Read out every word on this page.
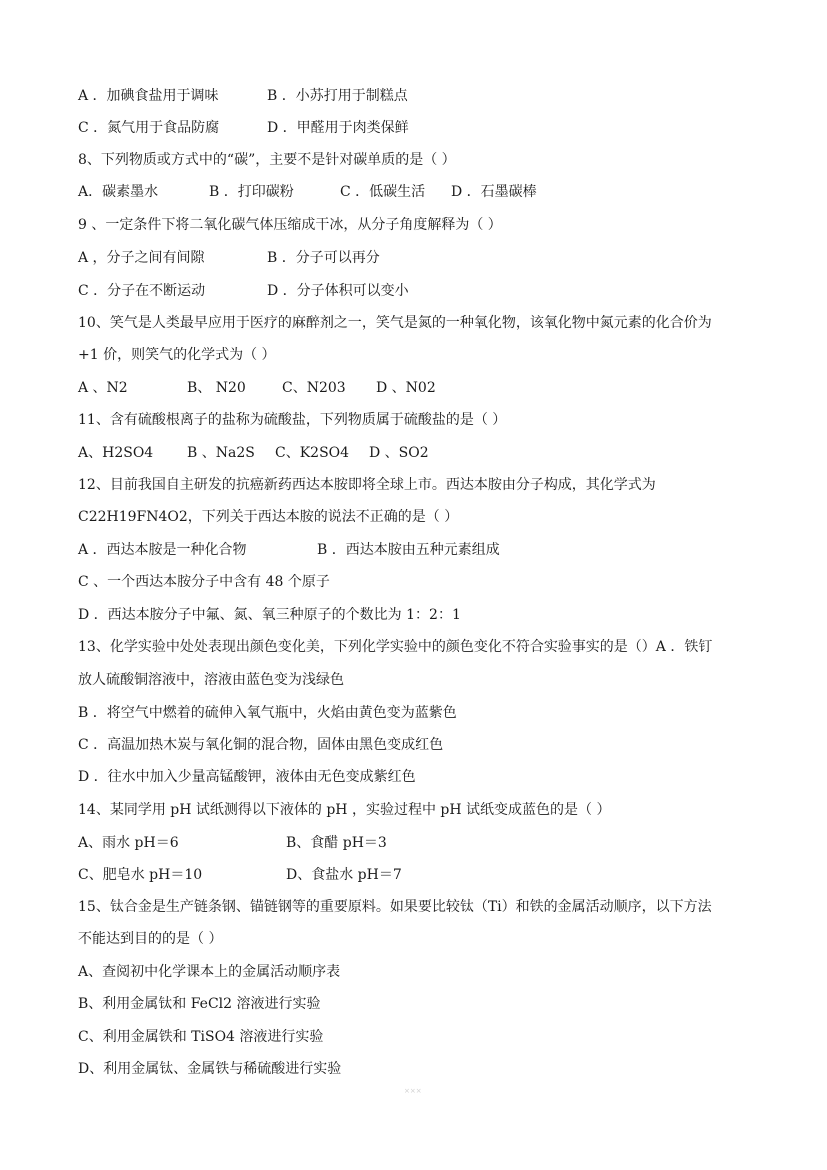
A ．加碘食盐用于调味	B ．小苏打用于制糕点
C ．氮气用于食品防腐	D ．甲醛用于肉类保鲜
8、下列物质或方式中的“碳”，主要不是针对碳单质的是（ ）
A．碳素墨水	B ．打印碳粉	C ．低碳生活 D ．石墨碳棒
9 、一定条件下将二氧化碳气体压缩成干冰，从分子角度解释为（ ）
A ，分子之间有间隙	B ．分子可以再分
C ．分子在不断运动	D ．分子体积可以变小
10、笑气是人类最早应用于医疗的麻醉剂之一，笑气是氮的一种氧化物，该氧化物中氮元素的化合价为
+1 价，则笑气的化学式为（ ）
A 、N2	B、 N20	C、N203 D 、N02
11、含有硫酸根离子的盐称为硫酸盐，下列物质属于硫酸盐的是（ ）
A、H2SO4 B 、Na2S C、K2SO4 D 、SO2
12、目前我国自主研发的抗癌新药西达本胺即将全球上市。西达本胺由分子构成，其化学式为
C22H19FN4O2，下列关于西达本胺的说法不正确的是（ ）
A ．西达本胺是一种化合物	B ．西达本胺由五种元素组成
C 、一个西达本胺分子中含有 48 个原子
D ．西达本胺分子中氟、氮、氧三种原子的个数比为 1：2：1
13、化学实验中处处表现出颜色变化美，下列化学实验中的颜色变化不符合实验事实的是（）A ．铁钉
放人硫酸铜溶液中，溶液由蓝色变为浅绿色
B ．将空气中燃着的硫伸入氧气瓶中，火焰由黄色变为蓝紫色
C ．高温加热木炭与氧化铜的混合物，固体由黑色变成红色
D ．往水中加入少量高锰酸钾，液体由无色变成紫红色
14、某同学用 pH 试纸测得以下液体的 pH ，实验过程中 pH 试纸变成蓝色的是（ ）
A、雨水 pH＝6	B、食醋 pH＝3
C、肥皂水 pH＝10	D、食盐水 pH＝7
15、钛合金是生产链条钢、锚链钢等的重要原料。如果要比较钛（Ti）和铁的金属活动顺序，以下方法
不能达到目的的是（ ）
A、查阅初中化学课本上的金属活动顺序表
B、利用金属钛和 FeCl2 溶液进行实验
C、利用金属铁和 TiSO4 溶液进行实验
D、利用金属钛、金属铁与稀硫酸进行实验
×××
